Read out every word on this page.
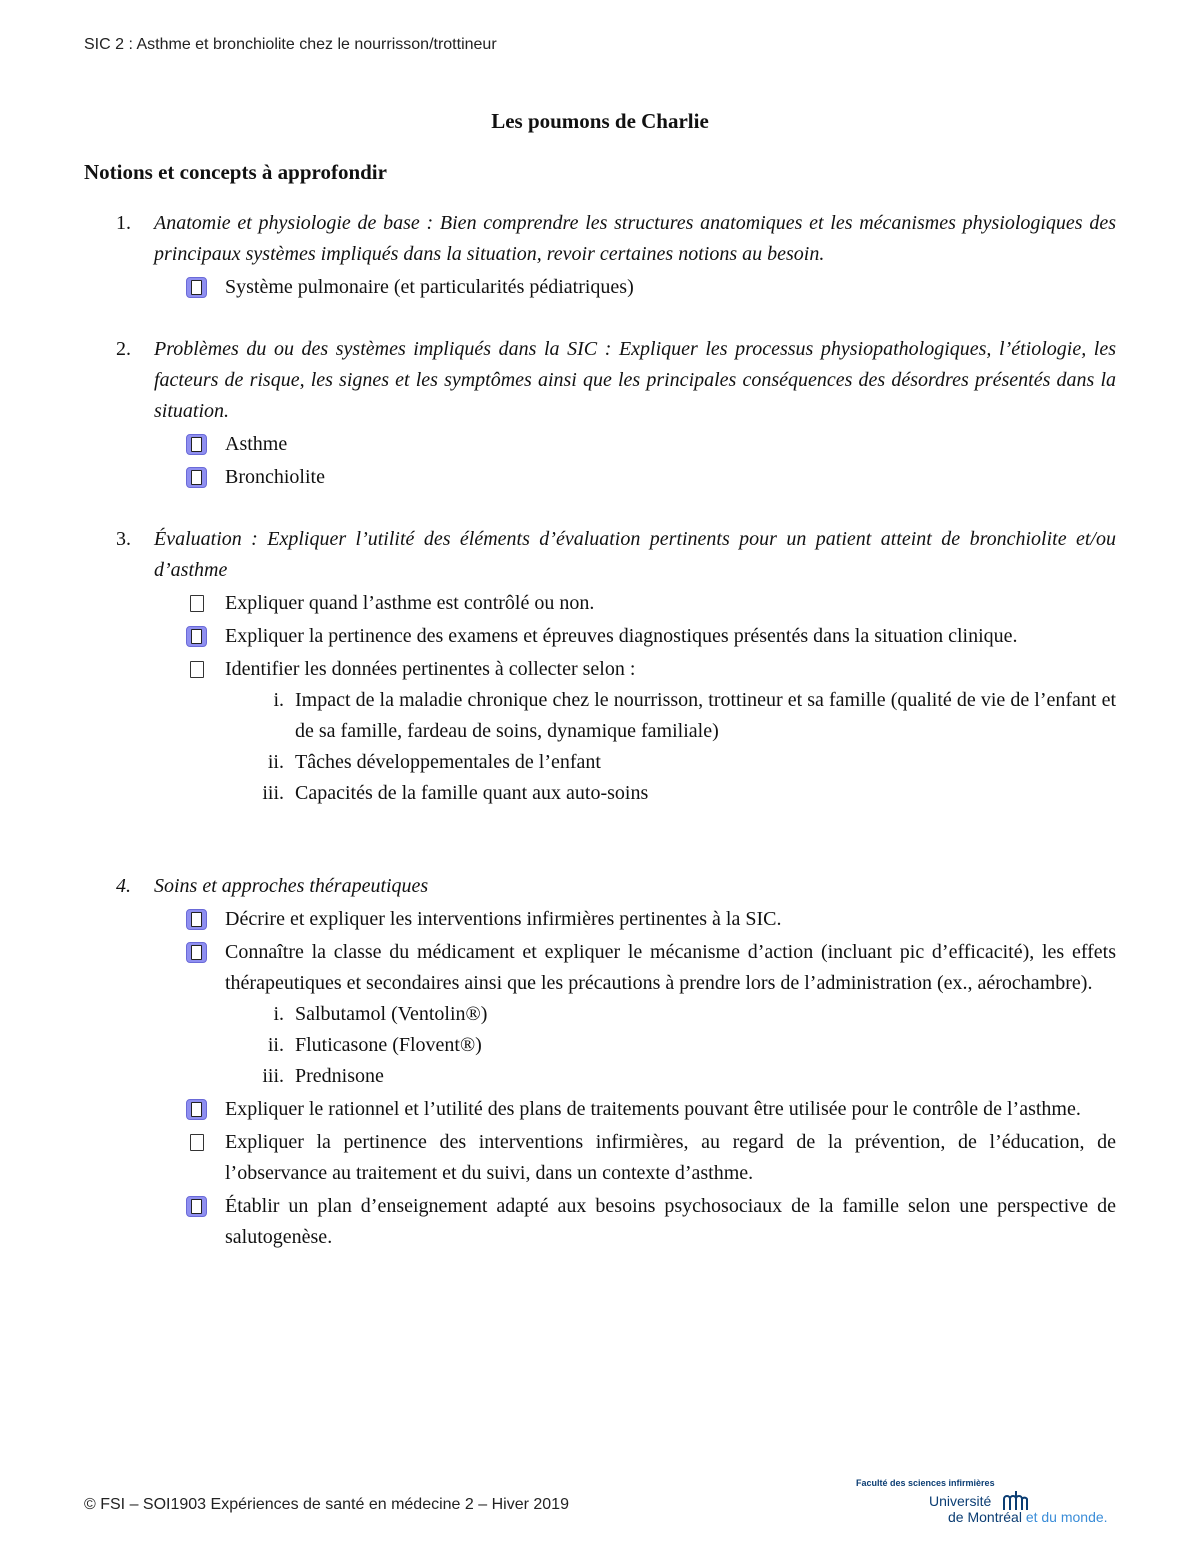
SIC 2 : Asthme et bronchiolite chez le nourrisson/trottineur
Les poumons de Charlie
Notions et concepts à approfondir
1. Anatomie et physiologie de base : Bien comprendre les structures anatomiques et les mécanismes physiologiques des principaux systèmes impliqués dans la situation, revoir certaines notions au besoin.
Système pulmonaire (et particularités pédiatriques)
2. Problèmes du ou des systèmes impliqués dans la SIC : Expliquer les processus physiopathologiques, l’étiologie, les facteurs de risque, les signes et les symptômes ainsi que les principales conséquences des désordres présentés dans la situation.
Asthme
Bronchiolite
3. Évaluation : Expliquer l’utilité des éléments d’évaluation pertinents pour un patient atteint de bronchiolite et/ou d’asthme
Expliquer quand l’asthme est contrôlé ou non.
Expliquer la pertinence des examens et épreuves diagnostiques présentés dans la situation clinique.
Identifier les données pertinentes à collecter selon :
i. Impact de la maladie chronique chez le nourrisson, trottineur et sa famille (qualité de vie de l’enfant et de sa famille, fardeau de soins, dynamique familiale)
ii. Tâches développementales de l’enfant
iii. Capacités de la famille quant aux auto-soins
4. Soins et approches thérapeutiques
Décrire et expliquer les interventions infirmières pertinentes à la SIC.
Connaître la classe du médicament et expliquer le mécanisme d’action (incluant pic d’efficacité), les effets thérapeutiques et secondaires ainsi que les précautions à prendre lors de l’administration (ex., aérochambre).
i. Salbutamol (Ventolin®)
ii. Fluticasone (Flovent®)
iii. Prednisone
Expliquer le rationnel et l’utilité des plans de traitements pouvant être utilisée pour le contrôle de l’asthme.
Expliquer la pertinence des interventions infirmières, au regard de la prévention, de l’éducation, de l’observance au traitement et du suivi, dans un contexte d’asthme.
Établir un plan d’enseignement adapté aux besoins psychosociaux de la famille selon une perspective de salutogenèse.
© FSI – SOI1903 Expériences de santé en médecine 2 – Hiver 2019
Faculté des sciences infirmières
Université
de Montréal et du monde.
